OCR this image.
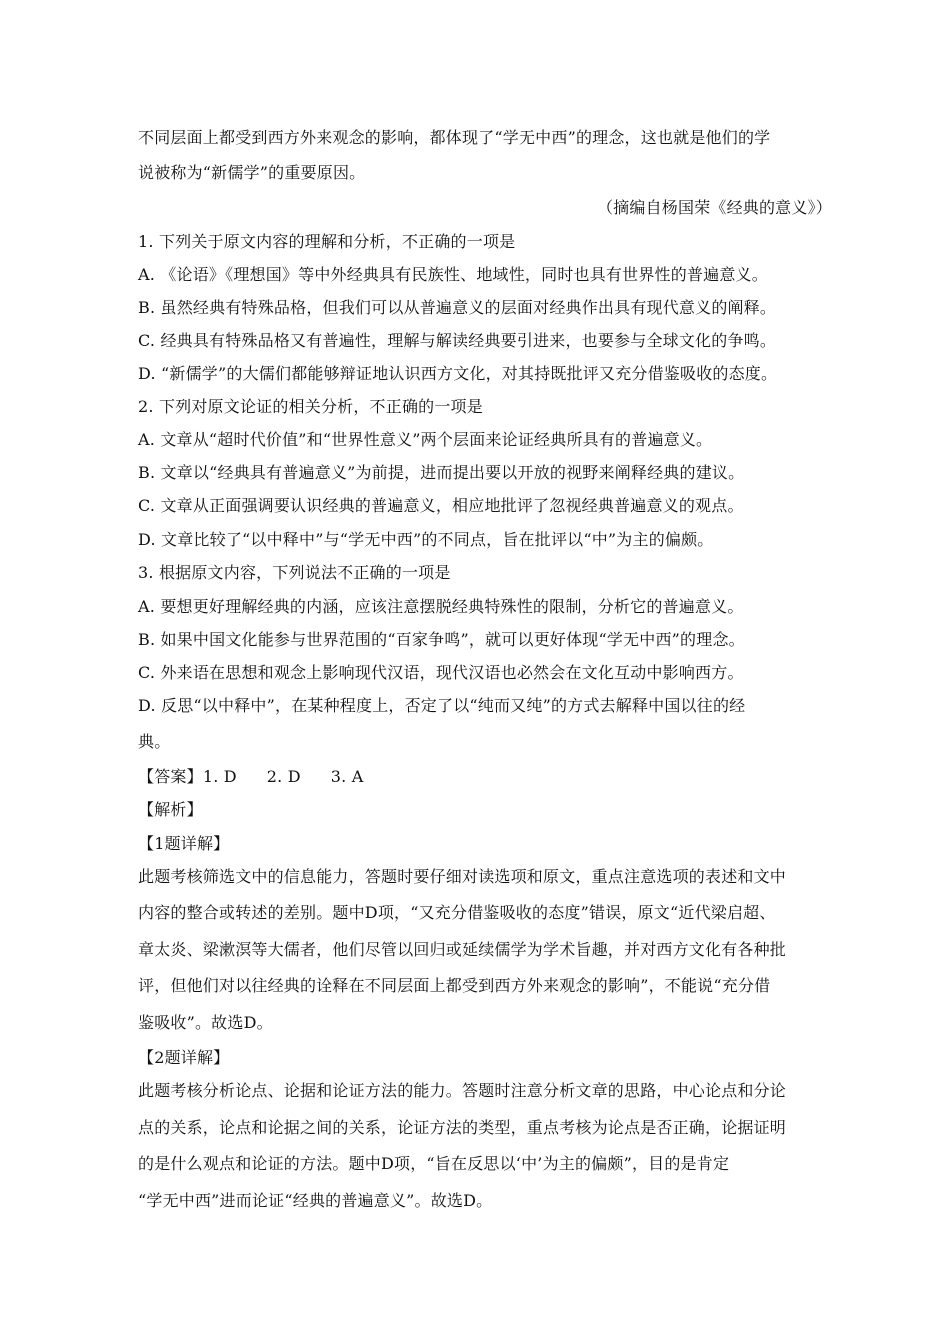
不同层面上都受到西方外来观念的影响，都体现了“学无中西”的理念，这也就是他们的学
说被称为“新儒学”的重要原因。
（摘编自杨国荣《经典的意义》）
1. 下列关于原文内容的理解和分析，不正确的一项是
A. 《论语》《理想国》等中外经典具有民族性、地域性，同时也具有世界性的普遍意义。
B. 虽然经典有特殊品格，但我们可以从普遍意义的层面对经典作出具有现代意义的阐释。
C. 经典具有特殊品格又有普遍性，理解与解读经典要引进来，也要参与全球文化的争鸣。
D. “新儒学”的大儒们都能够辩证地认识西方文化，对其持既批评又充分借鉴吸收的态度。
2. 下列对原文论证的相关分析，不正确的一项是
A. 文章从“超时代价值”和“世界性意义”两个层面来论证经典所具有的普遍意义。
B. 文章以“经典具有普遍意义”为前提，进而提出要以开放的视野来阐释经典的建议。
C. 文章从正面强调要认识经典的普遍意义，相应地批评了忽视经典普遍意义的观点。
D. 文章比较了“以中释中”与“学无中西”的不同点，旨在批评以“中”为主的偏颇。
3. 根据原文内容，下列说法不正确的一项是
A. 要想更好理解经典的内涵，应该注意摆脱经典特殊性的限制，分析它的普遍意义。
B. 如果中国文化能参与世界范围的“百家争鸣”，就可以更好体现“学无中西”的理念。
C. 外来语在思想和观念上影响现代汉语，现代汉语也必然会在文化互动中影响西方。
D. 反思“以中释中”，在某种程度上，否定了以“纯而又纯”的方式去解释中国以往的经
典。
【答案】1. D 2. D 3. A
【解析】
【1题详解】
此题考核筛选文中的信息能力，答题时要仔细对读选项和原文，重点注意选项的表述和文中
内容的整合或转述的差别。题中D项，“又充分借鉴吸收的态度”错误，原文“近代梁启超、
章太炎、梁漱溟等大儒者，他们尽管以回归或延续儒学为学术旨趣，并对西方文化有各种批
评，但他们对以往经典的诠释在不同层面上都受到西方外来观念的影响”，不能说“充分借
鉴吸收”。故选D。
【2题详解】
此题考核分析论点、论据和论证方法的能力。答题时注意分析文章的思路，中心论点和分论
点的关系，论点和论据之间的关系，论证方法的类型，重点考核为论点是否正确，论据证明
的是什么观点和论证的方法。题中D项，“旨在反思以‘中’为主的偏颇”，目的是肯定
“学无中西”进而论证“经典的普遍意义”。故选D。
